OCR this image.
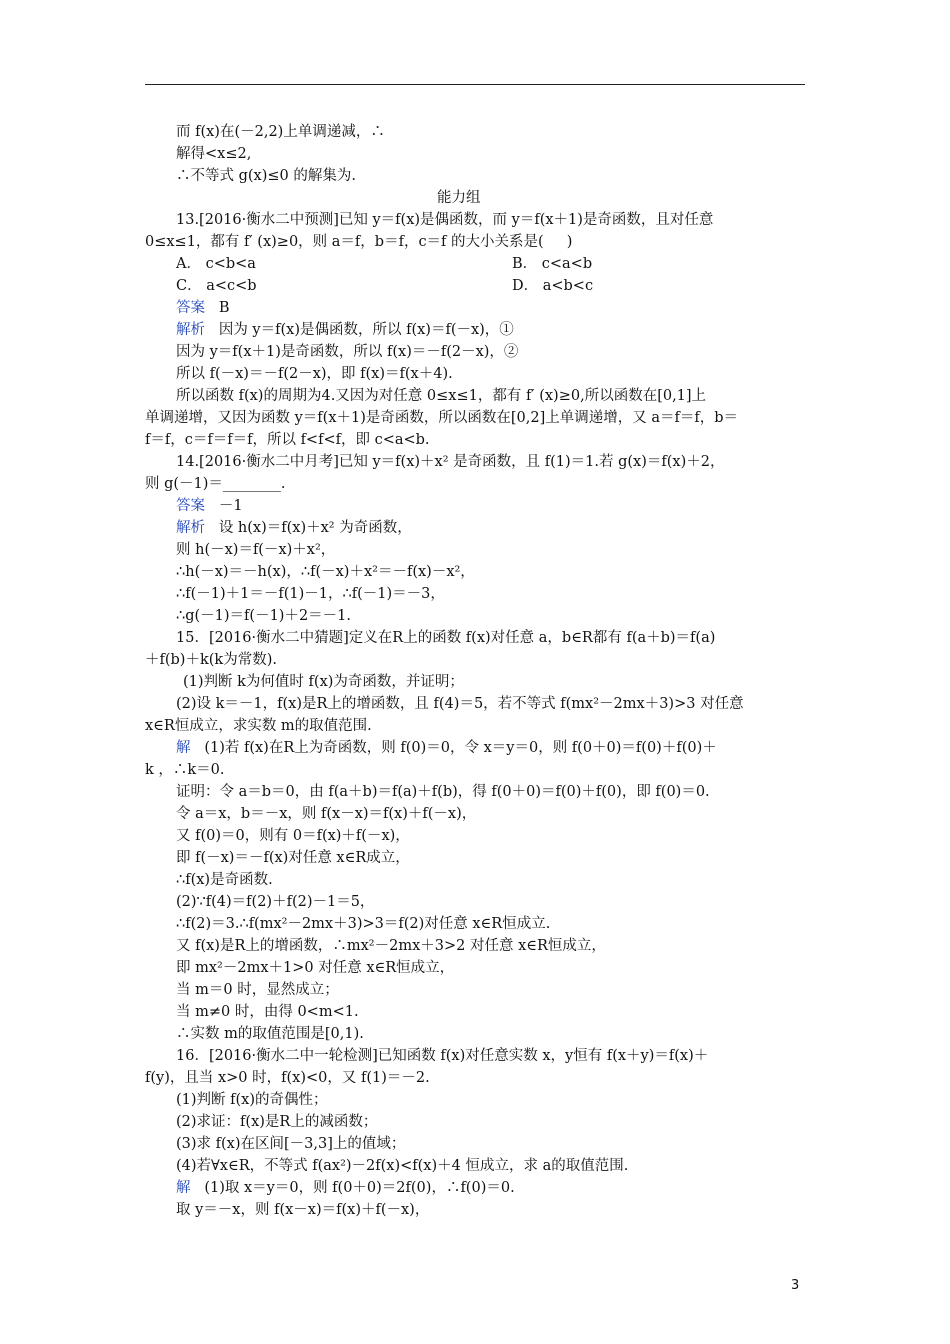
而 f(x)在(－2,2)上单调递减，∴
解得<x≤2,
∴不等式 g(x)≤0 的解集为.
能力组
13.[2016·衡水二中预测]已知 y＝f(x)是偶函数，而 y＝f(x＋1)是奇函数，且对任意
0≤x≤1，都有 f′ (x)≥0，则 a＝f，b＝f，c＝f 的大小关系是(     )
A． c<b<a	B． c<a<b
C． a<c<b	D． a<b<c
答案   B
解析   因为 y＝f(x)是偶函数，所以 f(x)＝f(－x)，①
因为 y＝f(x＋1)是奇函数，所以 f(x)＝－f(2－x)，②
所以 f(－x)＝－f(2－x)，即 f(x)＝f(x＋4).
所以函数 f(x)的周期为4.又因为对任意 0≤x≤1，都有 f′ (x)≥0,所以函数在[0,1]上
单调递增，又因为函数 y＝f(x＋1)是奇函数，所以函数在[0,2]上单调递增，又 a＝f＝f，b＝
f＝f，c＝f＝f＝f，所以 f<f<f，即 c<a<b.
14.[2016·衡水二中月考]已知 y＝f(x)＋x² 是奇函数，且 f(1)＝1.若 g(x)＝f(x)＋2，
则 g(－1)＝________.
答案   －1
解析   设 h(x)＝f(x)＋x² 为奇函数，
则 h(－x)＝f(－x)＋x²，
∴h(－x)＝－h(x)，∴f(－x)＋x²＝－f(x)－x²，
∴f(－1)＋1＝－f(1)－1，∴f(－1)＝－3，
∴g(－1)＝f(－1)＋2＝－1.
15．[2016·衡水二中猜题]定义在R上的函数 f(x)对任意 a，b∈R都有 f(a＋b)＝f(a)
＋f(b)＋k(k为常数).
(1)判断 k为何值时 f(x)为奇函数，并证明；
(2)设 k＝－1，f(x)是R上的增函数，且 f(4)＝5，若不等式 f(mx²－2mx＋3)>3 对任意
x∈R恒成立，求实数 m的取值范围.
解   (1)若 f(x)在R上为奇函数，则 f(0)＝0，令 x＝y＝0，则 f(0＋0)＝f(0)＋f(0)＋
k ，∴k＝0.
证明：令 a＝b＝0，由 f(a＋b)＝f(a)＋f(b)，得 f(0＋0)＝f(0)＋f(0)，即 f(0)＝0.
令 a＝x，b＝－x，则 f(x－x)＝f(x)＋f(－x)，
又 f(0)＝0，则有 0＝f(x)＋f(－x)，
即 f(－x)＝－f(x)对任意 x∈R成立，
∴f(x)是奇函数.
(2)∵f(4)＝f(2)＋f(2)－1＝5，
∴f(2)＝3.∴f(mx²－2mx＋3)>3＝f(2)对任意 x∈R恒成立.
又 f(x)是R上的增函数，∴mx²－2mx＋3>2 对任意 x∈R恒成立，
即 mx²－2mx＋1>0 对任意 x∈R恒成立，
当 m＝0 时，显然成立；
当 m≠0 时，由得 0<m<1.
∴实数 m的取值范围是[0,1).
16．[2016·衡水二中一轮检测]已知函数 f(x)对任意实数 x，y恒有 f(x＋y)＝f(x)＋
f(y)，且当 x>0 时，f(x)<0，又 f(1)＝－2.
(1)判断 f(x)的奇偶性；
(2)求证：f(x)是R上的减函数；
(3)求 f(x)在区间[－3,3]上的值域；
(4)若∀x∈R，不等式 f(ax²)－2f(x)<f(x)＋4 恒成立，求 a的取值范围.
解   (1)取 x＝y＝0，则 f(0＋0)＝2f(0)，∴f(0)＝0.
取 y＝－x，则 f(x－x)＝f(x)＋f(－x)，
3
